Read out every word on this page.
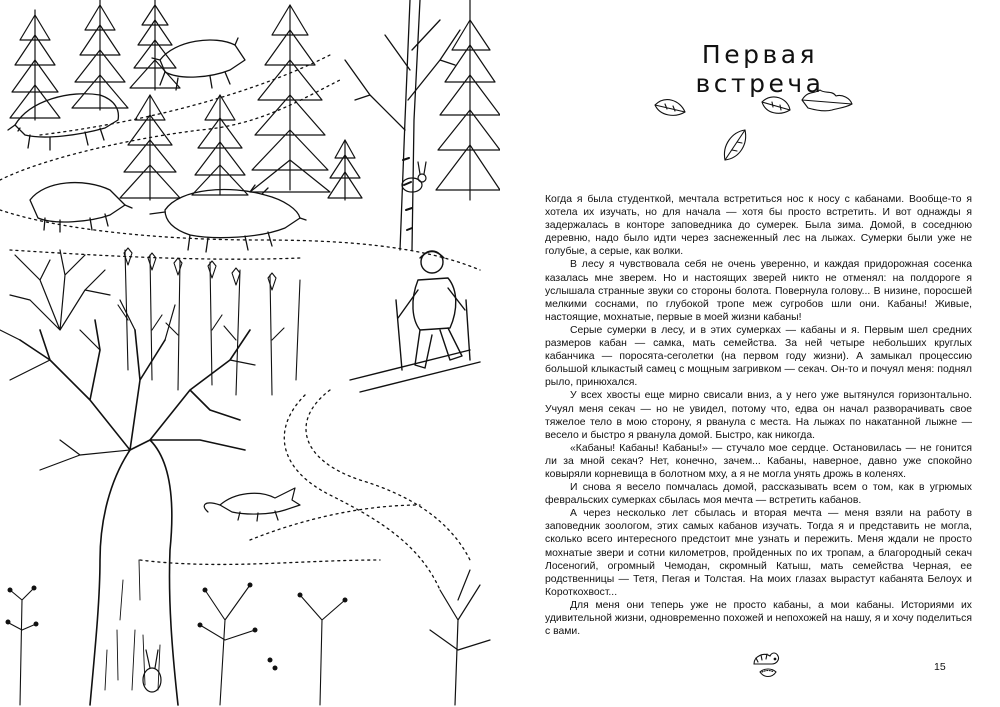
Первая встреча

Когда я была студенткой, мечтала встретиться нос к носу с кабанами. Вообще-то я хотела их изучать, но для начала — хотя бы просто встретить. И вот однажды я задержалась в конторе заповедника до сумерек. Была зима. Домой, в соседнюю деревню, надо было идти через заснеженный лес на лыжах. Сумерки были уже не голубые, а серые, как волки.

В лесу я чувствовала себя не очень уверенно, и каждая придорожная сосенка казалась мне зверем. Но и настоящих зверей никто не отменял: на полдороге я услышала странные звуки со стороны болота. Повернула голову... В низине, поросшей мелкими соснами, по глубокой тропе меж сугробов шли они. Кабаны! Живые, настоящие, мохнатые, первые в моей жизни кабаны!

Серые сумерки в лесу, и в этих сумерках — кабаны и я. Первым шел средних размеров кабан — самка, мать семейства. За ней четыре небольших круглых кабанчика — поросята-сеголетки (на первом году жизни). А замыкал процессию большой клыкастый самец с мощным загривком — секач. Он-то и почуял меня: поднял рыло, принюхался.

У всех хвосты еще мирно свисали вниз, а у него уже вытянулся горизонтально. Учуял меня секач — но не увидел, потому что, едва он начал разворачивать свое тяжелое тело в мою сторону, я рванула с места. На лыжах по накатанной лыжне — весело и быстро я рванула домой. Быстро, как никогда.

«Кабаны! Кабаны! Кабаны!» — стучало мое сердце. Остановилась — не гонится ли за мной секач? Нет, конечно, зачем... Кабаны, наверное, давно уже спокойно ковыряли корневища в болотном мху, а я не могла унять дрожь в коленях.

И снова я весело помчалась домой, рассказывать всем о том, как в угрюмых февральских сумерках сбылась моя мечта — встретить кабанов.

А через несколько лет сбылась и вторая мечта — меня взяли на работу в заповедник зоологом, этих самых кабанов изучать. Тогда я и представить не могла, сколько всего интересного предстоит мне узнать и пережить. Меня ждали не просто мохнатые звери и сотни километров, пройденных по их тропам, а благородный секач Лосеногий, огромный Чемодан, скромный Катыш, мать семейства Черная, ее родственницы — Тетя, Пегая и Толстая. На моих глазах вырастут кабанята Белоух и Короткохвост...

Для меня они теперь уже не просто кабаны, а мои кабаны. Историями их удивительной жизни, одновременно похожей и непохожей на нашу, я и хочу поделиться с вами.

15
